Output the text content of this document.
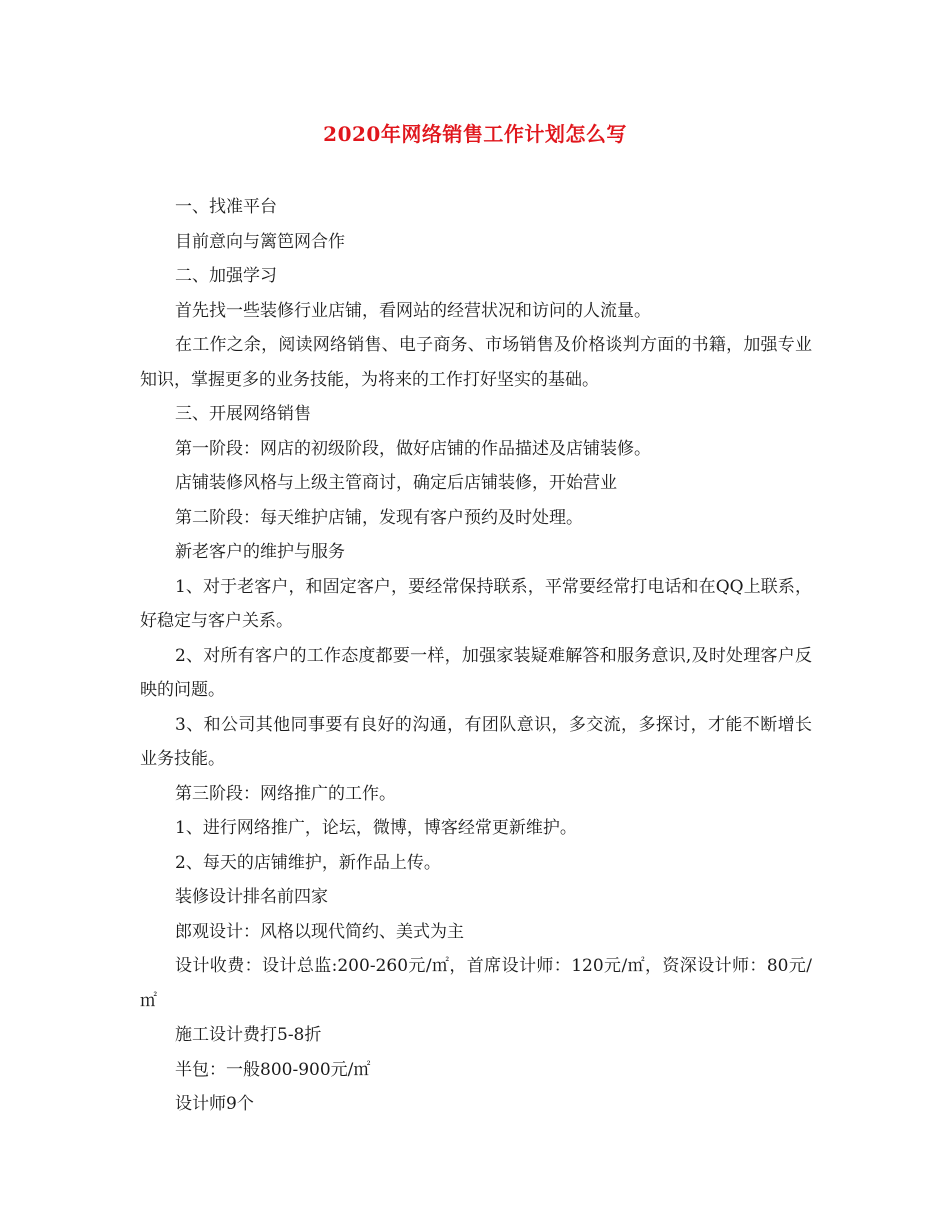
2020年网络销售工作计划怎么写

一、找准平台

目前意向与篱笆网合作

二、加强学习

首先找一些装修行业店铺，看网站的经营状况和访问的人流量。

在工作之余，阅读网络销售、电子商务、市场销售及价格谈判方面的书籍，加强专业知识，掌握更多的业务技能，为将来的工作打好坚实的基础。

三、开展网络销售

第一阶段：网店的初级阶段，做好店铺的作品描述及店铺装修。

店铺装修风格与上级主管商讨，确定后店铺装修，开始营业

第二阶段：每天维护店铺，发现有客户预约及时处理。

新老客户的维护与服务

1、对于老客户，和固定客户，要经常保持联系，平常要经常打电话和在QQ上联系，好稳定与客户关系。

2、对所有客户的工作态度都要一样，加强家装疑难解答和服务意识,及时处理客户反映的问题。

3、和公司其他同事要有良好的沟通，有团队意识，多交流，多探讨，才能不断增长业务技能。

第三阶段：网络推广的工作。

1、进行网络推广，论坛，微博，博客经常更新维护。

2、每天的店铺维护，新作品上传。

装修设计排名前四家

郎观设计：风格以现代简约、美式为主

设计收费：设计总监:200-260元/㎡，首席设计师：120元/㎡，资深设计师：80元/㎡

施工设计费打5-8折

半包：一般800-900元/㎡

设计师9个
